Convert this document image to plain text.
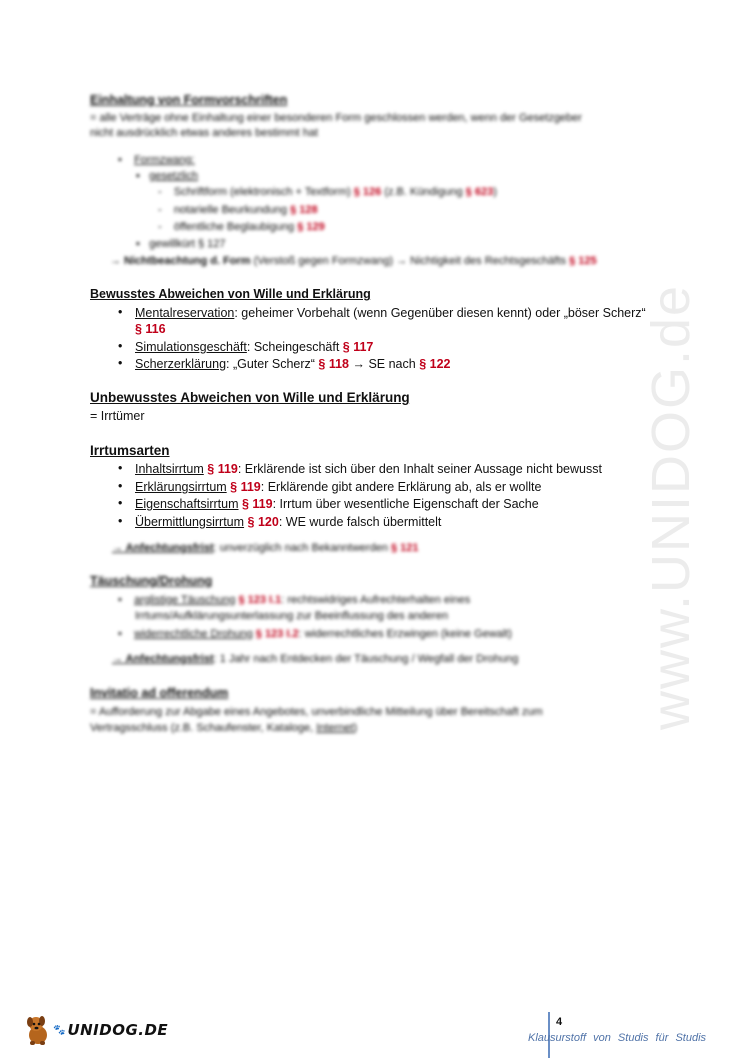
www.UNIDOG.de
Einhaltung von Formvorschriften
= alle Verträge ohne Einhaltung einer besonderen Form geschlossen werden, wenn der Gesetzgeber
nicht ausdrücklich etwas anderes bestimmt hat
•    Formzwang:
▪   gesetzlich
-    Schriftform (elektronisch + Textform) § 126 (z.B. Kündigung § 623)
-    notarielle Beurkundung § 128
-    öffentliche Beglaubigung § 129
▪   gewillkürt § 127
→ Nichtbeachtung d. Form (Verstoß gegen Formzwang) → Nichtigkeit des Rechtsgeschäfts § 125
Bewusstes Abweichen von Wille und Erklärung
• Mentalreservation: geheimer Vorbehalt (wenn Gegenüber diesen kennt) oder „böser Scherz“
§ 116
• Simulationsgeschäft: Scheingeschäft § 117
• Scherzerklärung: „Guter Scherz“ § 118 → SE nach § 122
Unbewusstes Abweichen von Wille und Erklärung
= Irrtümer
Irrtumsarten
• Inhaltsirrtum § 119: Erklärende ist sich über den Inhalt seiner Aussage nicht bewusst
• Erklärungsirrtum § 119: Erklärende gibt andere Erklärung ab, als er wollte
• Eigenschaftsirrtum § 119: Irrtum über wesentliche Eigenschaft der Sache
• Übermittlungsirrtum § 120: WE wurde falsch übermittelt
→ Anfechtungsfrist: unverzüglich nach Bekanntwerden § 121
Täuschung/Drohung
•    arglistige Täuschung § 123 I.1: rechtswidriges Aufrechterhalten eines
Irrtums/Aufklärungsunterlassung zur Beeinflussung des anderen
•    widerrechtliche Drohung § 123 I.2: widerrechtliches Erzwingen (keine Gewalt)
→ Anfechtungsfrist: 1 Jahr nach Entdecken der Täuschung / Wegfall der Drohung
Invitatio ad offerendum
= Aufforderung zur Abgabe eines Angebotes, unverbindliche Mitteilung über Bereitschaft zum
Vertragsschluss (z.B. Schaufenster, Kataloge, Internet)
🐾 UNIDOG.DE	4
Klausurstoff von Studis für Studis
